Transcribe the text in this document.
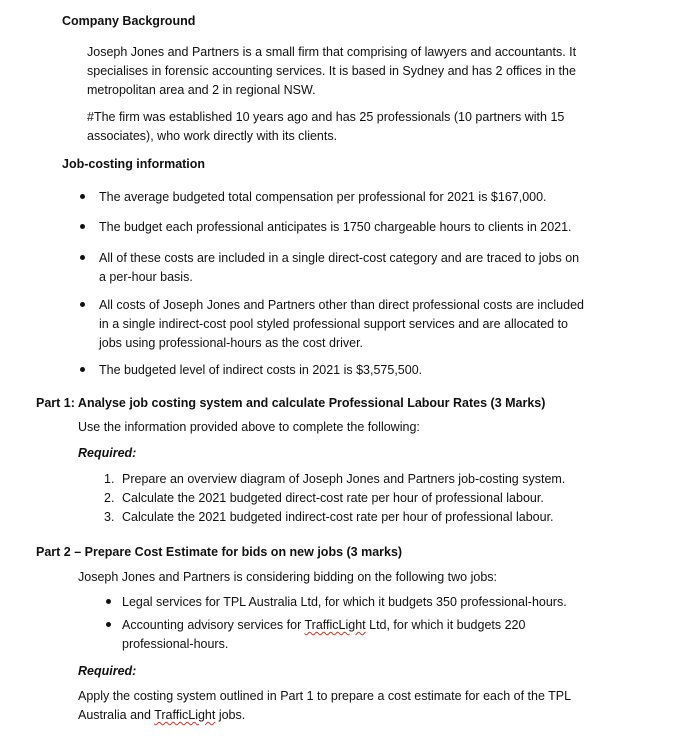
Company Background
Joseph Jones and Partners is a small firm that comprising of lawyers and accountants. It specialises in forensic accounting services. It is based in Sydney and has 2 offices in the metropolitan area and 2 in regional NSW.
#The firm was established 10 years ago and has 25 professionals (10 partners with 15 associates), who work directly with its clients.
Job-costing information
The average budgeted total compensation per professional for 2021 is $167,000.
The budget each professional anticipates is 1750 chargeable hours to clients in 2021.
All of these costs are included in a single direct-cost category and are traced to jobs on a per-hour basis.
All costs of Joseph Jones and Partners other than direct professional costs are included in a single indirect-cost pool styled professional support services and are allocated to jobs using professional-hours as the cost driver.
The budgeted level of indirect costs in 2021 is $3,575,500.
Part 1: Analyse job costing system and calculate Professional Labour Rates (3 Marks)
Use the information provided above to complete the following:
Required:
1. Prepare an overview diagram of Joseph Jones and Partners job-costing system.
2. Calculate the 2021 budgeted direct-cost rate per hour of professional labour.
3. Calculate the 2021 budgeted indirect-cost rate per hour of professional labour.
Part 2 – Prepare Cost Estimate for bids on new jobs (3 marks)
Joseph Jones and Partners is considering bidding on the following two jobs:
Legal services for TPL Australia Ltd, for which it budgets 350 professional-hours.
Accounting advisory services for TrafficLight Ltd, for which it budgets 220 professional-hours.
Required:
Apply the costing system outlined in Part 1 to prepare a cost estimate for each of the TPL Australia and TrafficLight jobs.
